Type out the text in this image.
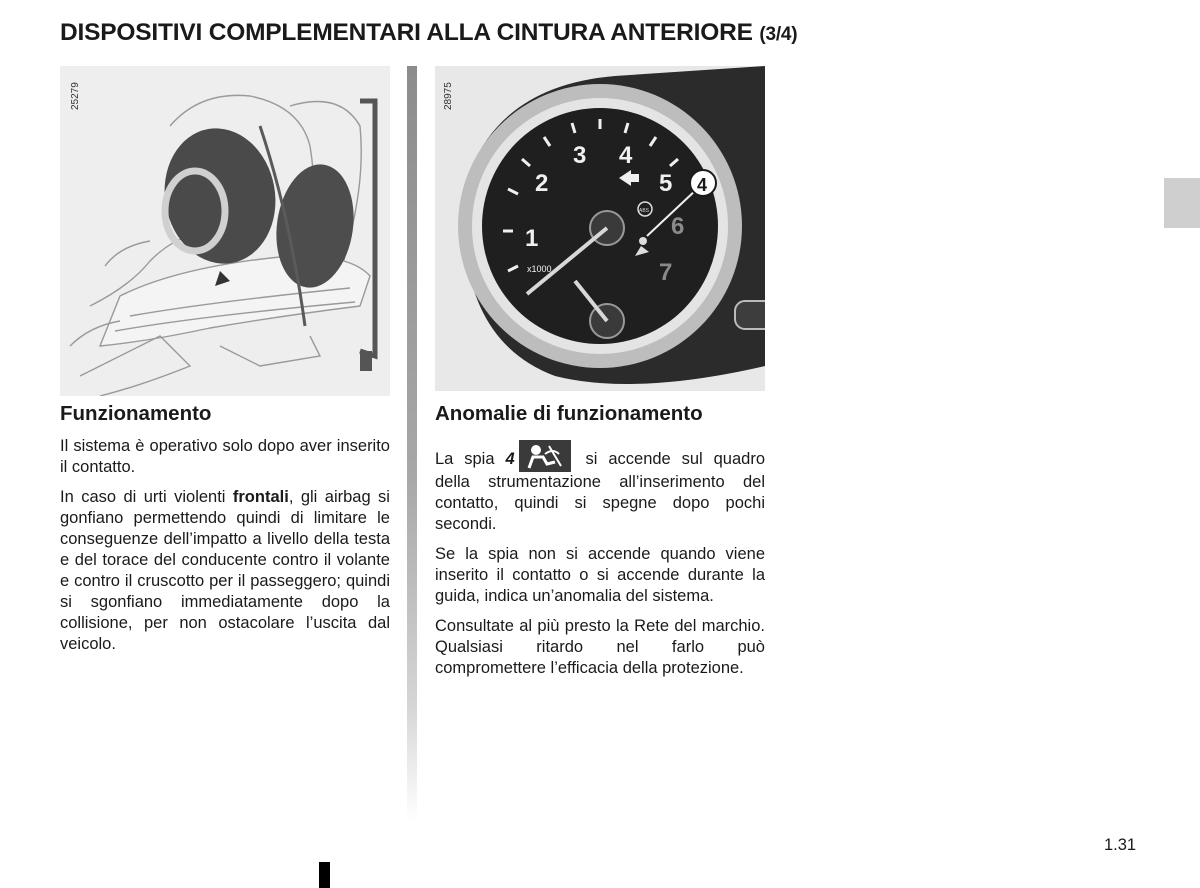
DISPOSITIVI COMPLEMENTARI ALLA CINTURA ANTERIORE (3/4)
25279	28975
1
2
3 4
5
6
7
x1000
ABS
4
Funzionamento

Il sistema è operativo solo dopo aver inserito il contatto.

In caso di urti violenti frontali, gli airbag si gonfiano permettendo quindi di limitare le conseguenze dell’impatto a livello della testa e del torace del conducente contro il volante e contro il cruscotto per il passeggero; quindi si sgonfiano immediatamente dopo la collisione, per non ostacolare l’uscita dal veicolo.

Anomalie di funzionamento

La spia 4	si accende sul quadro della strumentazione all’inserimento del contatto, quindi si spegne dopo pochi secondi.

Se la spia non si accende quando viene inserito il contatto o si accende durante la guida, indica un’anomalia del sistema.

Consultate al più presto la Rete del marchio. Qualsiasi ritardo nel farlo può compromettere l’efficacia della protezione.

1.31
